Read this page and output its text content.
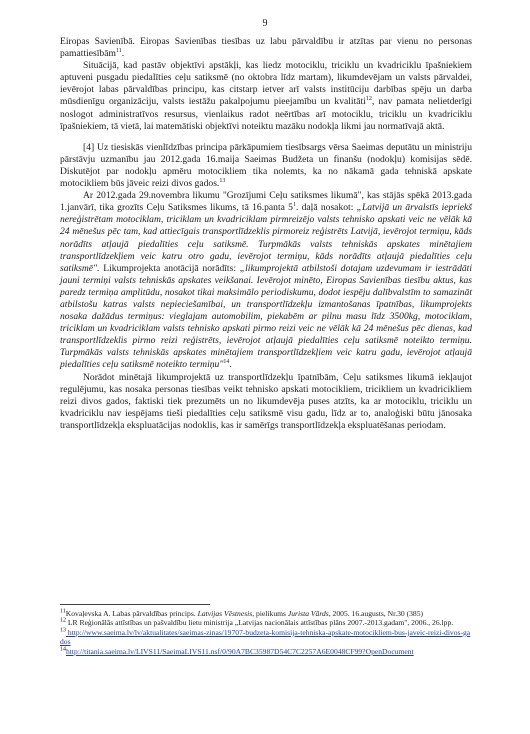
9

Eiropas Savienībā. Eiropas Savienības tiesības uz labu pārvaldību ir atzītas par vienu no personas pamattiesībām$^{11}$.

Situācijā, kad pastāv objektīvi apstākļi, kas liedz motociklu, triciklu un kvadriciklu īpašniekiem aptuveni pusgadu piedalīties ceļu satiksmē (no oktobra līdz martam), likumdevējam un valsts pārvaldei, ievērojot labas pārvaldības principu, kas citstarp ietver arī valsts institūciju darbības spēju un darba mūsdienīgu organizāciju, valsts iestāžu pakalpojumu pieejamību un kvalitāti$^{12}$, nav pamata nelietderīgi noslogot administratīvos resursus, vienlaikus radot neērtības arī motociklu, triciklu un kvadriciklu īpašniekiem, tā vietā, lai matemātiski objektīvi noteiktu mazāku nodokļa likmi jau normatīvajā aktā.

[4] Uz tiesiskās vienlīdzības principa pārkāpumiem tiesībsargs vērsa Saeimas deputātu un ministriju pārstāvju uzmanību jau 2012.gada 16.maija Saeimas Budžeta un finanšu (nodokļu) komisijas sēdē. Diskutējot par nodokļu apmēru motocikliem tika nolemts, ka no nākamā gada tehniskā apskate motocikliem būs jāveic reizi divos gados.$^{13}$

Ar 2012.gada 29.novembra likumu "Grozījumi Ceļu satiksmes likumā", kas stājās spēkā 2013.gada 1.janvārī, tika grozīts Ceļu Satiksmes likums, tā 16.panta $5^1$. daļā nosakot: „Latvijā un ārvalstīs iepriekš nereģistrētam motociklam, triciklam un kvadriciklam pirmreizējo valsts tehnisko apskati veic ne vēlāk kā 24 mēnešus pēc tam, kad attiecīgais transportlīdzeklis pirmoreiz reģistrēts Latvijā, ievērojot termiņu, kāds norādīts atļaujā piedalīties ceļu satiksmē. Turpmākās valsts tehniskās apskates minētajiem transportlīdzekļiem veic katru otro gadu, ievērojot termiņu, kāds norādīts atļaujā piedalīties ceļu satiksmē". Likumprojekta anotācijā norādīts: „likumprojektā atbilstoši dotajam uzdevumam ir iestrādāti jauni termiņi valsts tehniskās apskates veikšanai. Ievērojot minēto, Eiropas Savienības tiesību aktus, kas paredz termiņa amplitūdu, nosakot tikai maksimālo periodiskumu, dodot iespēju dalībvalstīm to samazināt atbilstošu katras valsts nepieciešamībai, un transportlīdzekļu izmantošanas īpatnības, likumprojekts nosaka dažādus termiņus: vieglajam automobilim, piekabēm ar pilnu masu līdz 3500kg, motociklam, triciklam un kvadriciklam valsts tehnisko apskati pirmo reizi veic ne vēlāk kā 24 mēnešus pēc dienas, kad transportlīdzeklis pirmo reizi reģistrēts, ievērojot atļaujā piedalīties ceļu satiksmē noteikto termiņu. Turpmākās valsts tehniskās apskates minētajiem transportlīdzekļiem veic katru gadu, ievērojot atļaujā piedalīties ceļu satiksmē noteikto termiņu"$^{14}$.

Norādot minētajā likumprojektā uz transportlīdzekļu īpatnībām, Ceļu satiksmes likumā iekļaujot regulējumu, kas nosaka personas tiesības veikt tehnisko apskati motocikliem, tricikliem un kvadricikliem reizi divos gados, faktiski tiek prezumēts un no likumdevēja puses atzīts, ka ar motociklu, triciklu un kvadriciklu nav iespējams tieši piedalīties ceļu satiksmē visu gadu, līdz ar to, analoģiski būtu jānosaka transportlīdzekļa ekspluatācijas nodoklis, kas ir samērīgs transportlīdzekļa ekspluatēšanas periodam.

$^{11}$Kovaļevska A. Labas pārvaldības princips. Latvijas Vēstnesis, pielikums Jurista Vārds, 2005. 16.augusts, Nr.30 (385)

$^{12}$ LR Reģionālās attīstības un pašvaldību lietu ministrija „Latvijas nacionālais attīstības plāns 2007.-2013.gadam", 2006., 26.lpp.

$^{13}$ http://www.saeima.lv/lv/aktualitates/saeimas-zinas/19707-budzeta-komisija-tehniska-apskate-motocikliem-bus-javeic-reizi-divos-gados

$^{14}$http://titania.saeima.lv/LIVS11/SaeimaLIVS11.nsf/0/90A7BC35987D54C7C2257A6E0048CF99?OpenDocument
